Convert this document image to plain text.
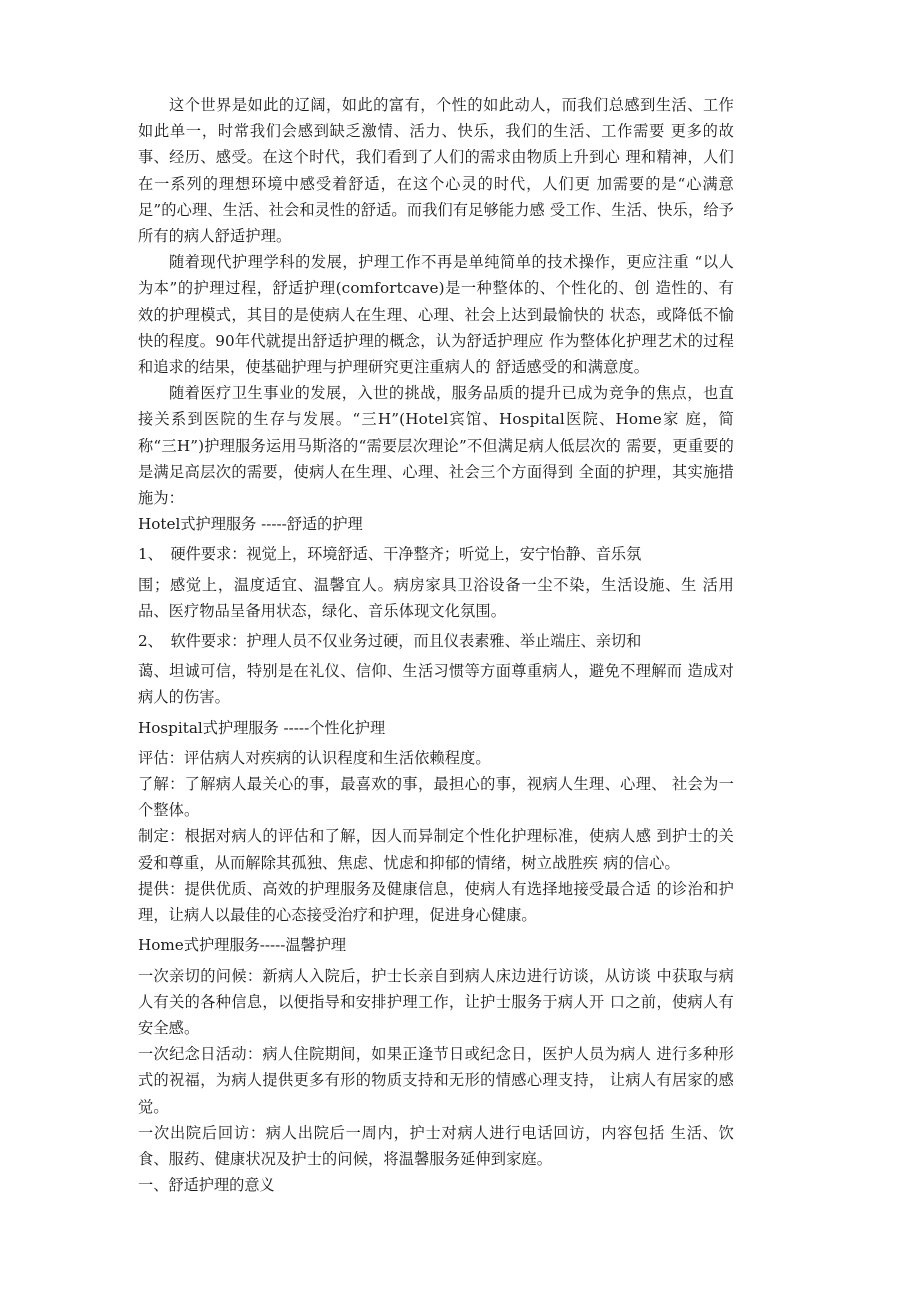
这个世界是如此的辽阔，如此的富有，个性的如此动人，而我们总感到生活、工作如此单一，时常我们会感到缺乏激情、活力、快乐，我们的生活、工作需要 更多的故事、经历、感受。在这个时代，我们看到了人们的需求由物质上升到心 理和精神，人们在一系列的理想环境中感受着舒适，在这个心灵的时代，人们更 加需要的是“心满意足”的心理、生活、社会和灵性的舒适。而我们有足够能力感 受工作、生活、快乐，给予所有的病人舒适护理。

随着现代护理学科的发展，护理工作不再是单纯简单的技术操作，更应注重 “以人为本”的护理过程，舒适护理(comfortcave)是一种整体的、个性化的、创 造性的、有效的护理模式，其目的是使病人在生理、心理、社会上达到最愉快的 状态，或降低不愉快的程度。90年代就提出舒适护理的概念，认为舒适护理应 作为整体化护理艺术的过程和追求的结果，使基础护理与护理研究更注重病人的 舒适感受的和满意度。

随着医疗卫生事业的发展，入世的挑战，服务品质的提升已成为竞争的焦点，也直接关系到医院的生存与发展。“三H”(Hotel宾馆、Hospital医院、Home家 庭，简称“三H”)护理服务运用马斯洛的“需要层次理论”不但满足病人低层次的 需要，更重要的是满足高层次的需要，使病人在生理、心理、社会三个方面得到 全面的护理，其实施措施为：

Hotel式护理服务 -----舒适的护理

1、　硬件要求：视觉上，环境舒适、干净整齐；听觉上，安宁怡静、音乐氛

围；感觉上，温度适宜、温馨宜人。病房家具卫浴设备一尘不染，生活设施、生 活用品、医疗物品呈备用状态，绿化、音乐体现文化氛围。

2、　软件要求：护理人员不仅业务过硬，而且仪表素雅、举止端庄、亲切和

蔼、坦诚可信，特别是在礼仪、信仰、生活习惯等方面尊重病人，避免不理解而 造成对病人的伤害。

Hospital式护理服务 -----个性化护理

评估：评估病人对疾病的认识程度和生活依赖程度。

了解：了解病人最关心的事，最喜欢的事，最担心的事，视病人生理、心理、 社会为一个整体。

制定：根据对病人的评估和了解，因人而异制定个性化护理标准，使病人感 到护士的关爱和尊重，从而解除其孤独、焦虑、忧虑和抑郁的情绪，树立战胜疾 病的信心。

提供：提供优质、高效的护理服务及健康信息，使病人有选择地接受最合适 的诊治和护理，让病人以最佳的心态接受治疗和护理，促进身心健康。

Home式护理服务-----温馨护理

一次亲切的问候：新病人入院后，护士长亲自到病人床边进行访谈，从访谈 中获取与病人有关的各种信息，以便指导和安排护理工作，让护士服务于病人开 口之前，使病人有安全感。

一次纪念日活动：病人住院期间，如果正逢节日或纪念日，医护人员为病人 进行多种形式的祝福，为病人提供更多有形的物质支持和无形的情感心理支持， 让病人有居家的感觉。

一次出院后回访：病人出院后一周内，护士对病人进行电话回访，内容包括 生活、饮食、服药、健康状况及护士的问候，将温馨服务延伸到家庭。

一、舒适护理的意义
